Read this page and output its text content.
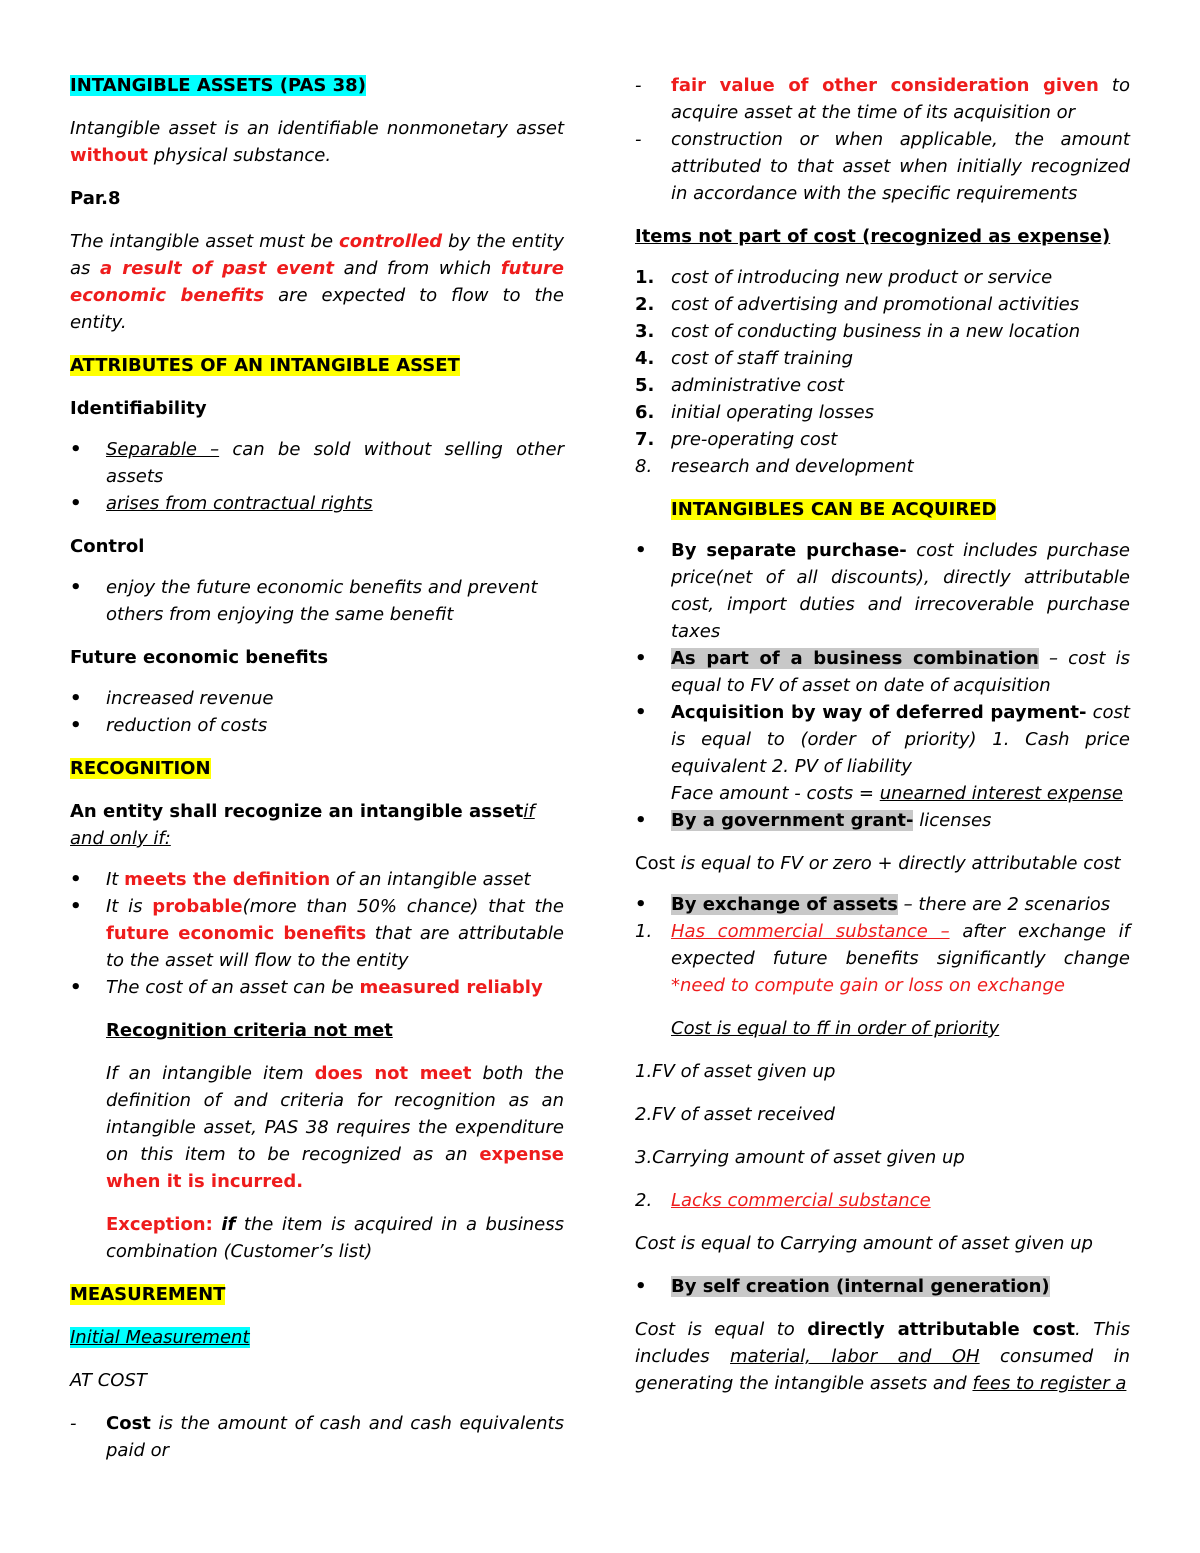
INTANGIBLE ASSETS (PAS 38)

Intangible asset is an identifiable nonmonetary asset without physical substance.

Par.8

The intangible asset must be controlled by the entity as a result of past event and from which future economic benefits are expected to flow to the entity.

ATTRIBUTES OF AN INTANGIBLE ASSET

Identifiability

•	Separable – can be sold without selling other assets
•	arises from contractual rights

Control

•	enjoy the future economic benefits and prevent others from enjoying the same benefit

Future economic benefits

•	increased revenue
•	reduction of costs

RECOGNITION

An entity shall recognize an intangible assetif and only if:

•	It meets the definition of an intangible asset
•	It is probable(more than 50% chance) that the future economic benefits that are attributable to the asset will flow to the entity
•	The cost of an asset can be measured reliably

Recognition criteria not met

If an intangible item does not meet both the definition of and criteria for recognition as an intangible asset, PAS 38 requires the expenditure on this item to be recognized as an expense when it is incurred.

Exception: if the item is acquired in a business combination (Customer’s list)

MEASUREMENT

Initial Measurement

AT COST

- Cost is the amount of cash and cash equivalents paid or
- fair value of other consideration given to acquire asset at the time of its acquisition or
- construction or when applicable, the amount attributed to that asset when initially recognized in accordance with the specific requirements

Items not part of cost (recognized as expense)

1. cost of introducing new product or service
2. cost of advertising and promotional activities
3. cost of conducting business in a new location
4. cost of staff training
5. administrative cost
6. initial operating losses
7. pre-operating cost
8.	research and development

INTANGIBLES CAN BE ACQUIRED

•	By separate purchase- cost includes purchase price(net of all discounts), directly attributable cost, import duties and irrecoverable purchase taxes
•	As part of a business combination – cost is equal to FV of asset on date of acquisition
•	Acquisition by way of deferred payment- cost is equal to (order of priority) 1. Cash price equivalent 2. PV of liability
Face amount - costs = unearned interest expense
•	By a government grant- licenses

Cost is equal to FV or zero + directly attributable cost

•	By exchange of assets – there are 2 scenarios
1.	Has commercial substance – after exchange if expected future benefits significantly change *need to compute gain or loss on exchange

Cost is equal to ff in order of priority

1.FV of asset given up

2.FV of asset received

3.Carrying amount of asset given up

2.	Lacks commercial substance

Cost is equal to Carrying amount of asset given up

•	By self creation (internal generation)

Cost is equal to directly attributable cost. This includes material, labor and OH consumed in generating the intangible assets and fees to register a
